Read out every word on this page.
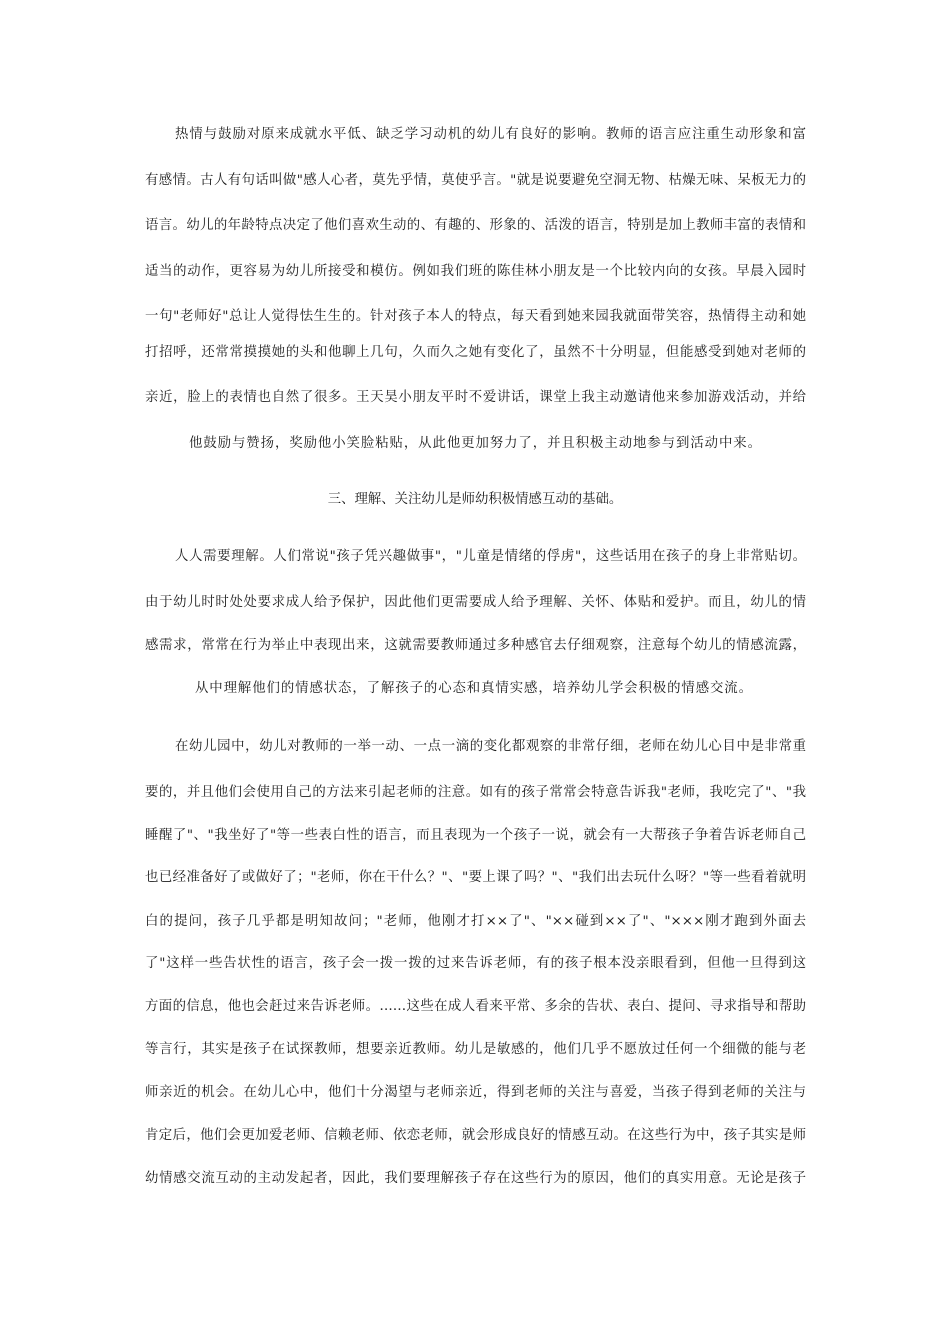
热情与鼓励对原来成就水平低、缺乏学习动机的幼儿有良好的影响。教师的语言应注重生动形象和富
有感情。古人有句话叫做"感人心者，莫先乎情，莫使乎言。"就是说要避免空洞无物、枯燥无味、呆板无力的
语言。幼儿的年龄特点决定了他们喜欢生动的、有趣的、形象的、活泼的语言，特别是加上教师丰富的表情和
适当的动作，更容易为幼儿所接受和模仿。例如我们班的陈佳林小朋友是一个比较内向的女孩。早晨入园时
一句"老师好"总让人觉得怯生生的。针对孩子本人的特点，每天看到她来园我就面带笑容，热情得主动和她
打招呼，还常常摸摸她的头和他聊上几句，久而久之她有变化了，虽然不十分明显，但能感受到她对老师的
亲近，脸上的表情也自然了很多。王天昊小朋友平时不爱讲话，课堂上我主动邀请他来参加游戏活动，并给
他鼓励与赞扬，奖励他小笑脸粘贴，从此他更加努力了，并且积极主动地参与到活动中来。
三、理解、关注幼儿是师幼积极情感互动的基础。
人人需要理解。人们常说"孩子凭兴趣做事"，"儿童是情绪的俘虏"，这些话用在孩子的身上非常贴切。
由于幼儿时时处处要求成人给予保护，因此他们更需要成人给予理解、关怀、体贴和爱护。而且，幼儿的情
感需求，常常在行为举止中表现出来，这就需要教师通过多种感官去仔细观察，注意每个幼儿的情感流露，
从中理解他们的情感状态，了解孩子的心态和真情实感，培养幼儿学会积极的情感交流。
在幼儿园中，幼儿对教师的一举一动、一点一滴的变化都观察的非常仔细，老师在幼儿心目中是非常重
要的，并且他们会使用自己的方法来引起老师的注意。如有的孩子常常会特意告诉我"老师，我吃完了"、"我
睡醒了"、"我坐好了"等一些表白性的语言，而且表现为一个孩子一说，就会有一大帮孩子争着告诉老师自己
也已经准备好了或做好了；"老师，你在干什么？"、"要上课了吗？"、"我们出去玩什么呀？"等一些看着就明
白的提问，孩子几乎都是明知故问；"老师，他刚才打××了"、"××碰到××了"、"×××刚才跑到外面去
了"这样一些告状性的语言，孩子会一拨一拨的过来告诉老师，有的孩子根本没亲眼看到，但他一旦得到这
方面的信息，他也会赶过来告诉老师。……这些在成人看来平常、多余的告状、表白、提问、寻求指导和帮助
等言行，其实是孩子在试探教师，想要亲近教师。幼儿是敏感的，他们几乎不愿放过任何一个细微的能与老
师亲近的机会。在幼儿心中，他们十分渴望与老师亲近，得到老师的关注与喜爱，当孩子得到老师的关注与
肯定后，他们会更加爱老师、信赖老师、依恋老师，就会形成良好的情感互动。在这些行为中，孩子其实是师
幼情感交流互动的主动发起者，因此，我们要理解孩子存在这些行为的原因，他们的真实用意。无论是孩子
